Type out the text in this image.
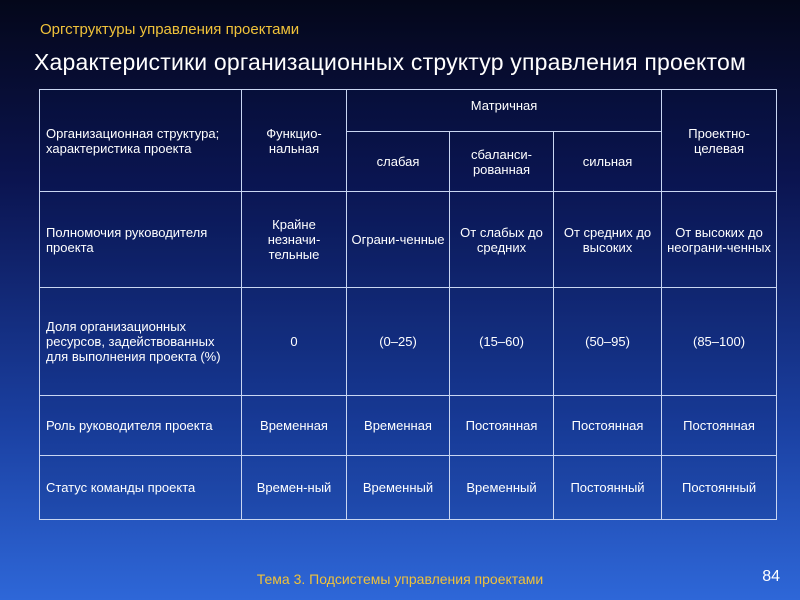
Оргструктуры управления проектами
Характеристики организационных структур управления проектом
Организационная структура; характеристика проекта	Функцио-нальная	Матричная			Проектно-целевая
		слабая	сбаланси-рованная	сильная	
Полномочия руководителя проекта	Крайне незначи-тельные	Ограни-ченные	От слабых до средних	От средних до высоких	От высоких до неограни-ченных
Доля организационных ресурсов, задействованных для выполнения проекта (%)	0	(0–25)	(15–60)	(50–95)	(85–100)
Роль руководителя проекта	Временная	Временная	Постоянная	Постоянная	Постоянная
Статус команды проекта	Времен-ный	Временный	Временный	Постоянный	Постоянный
Тема 3. Подсистемы управления проектами	84
